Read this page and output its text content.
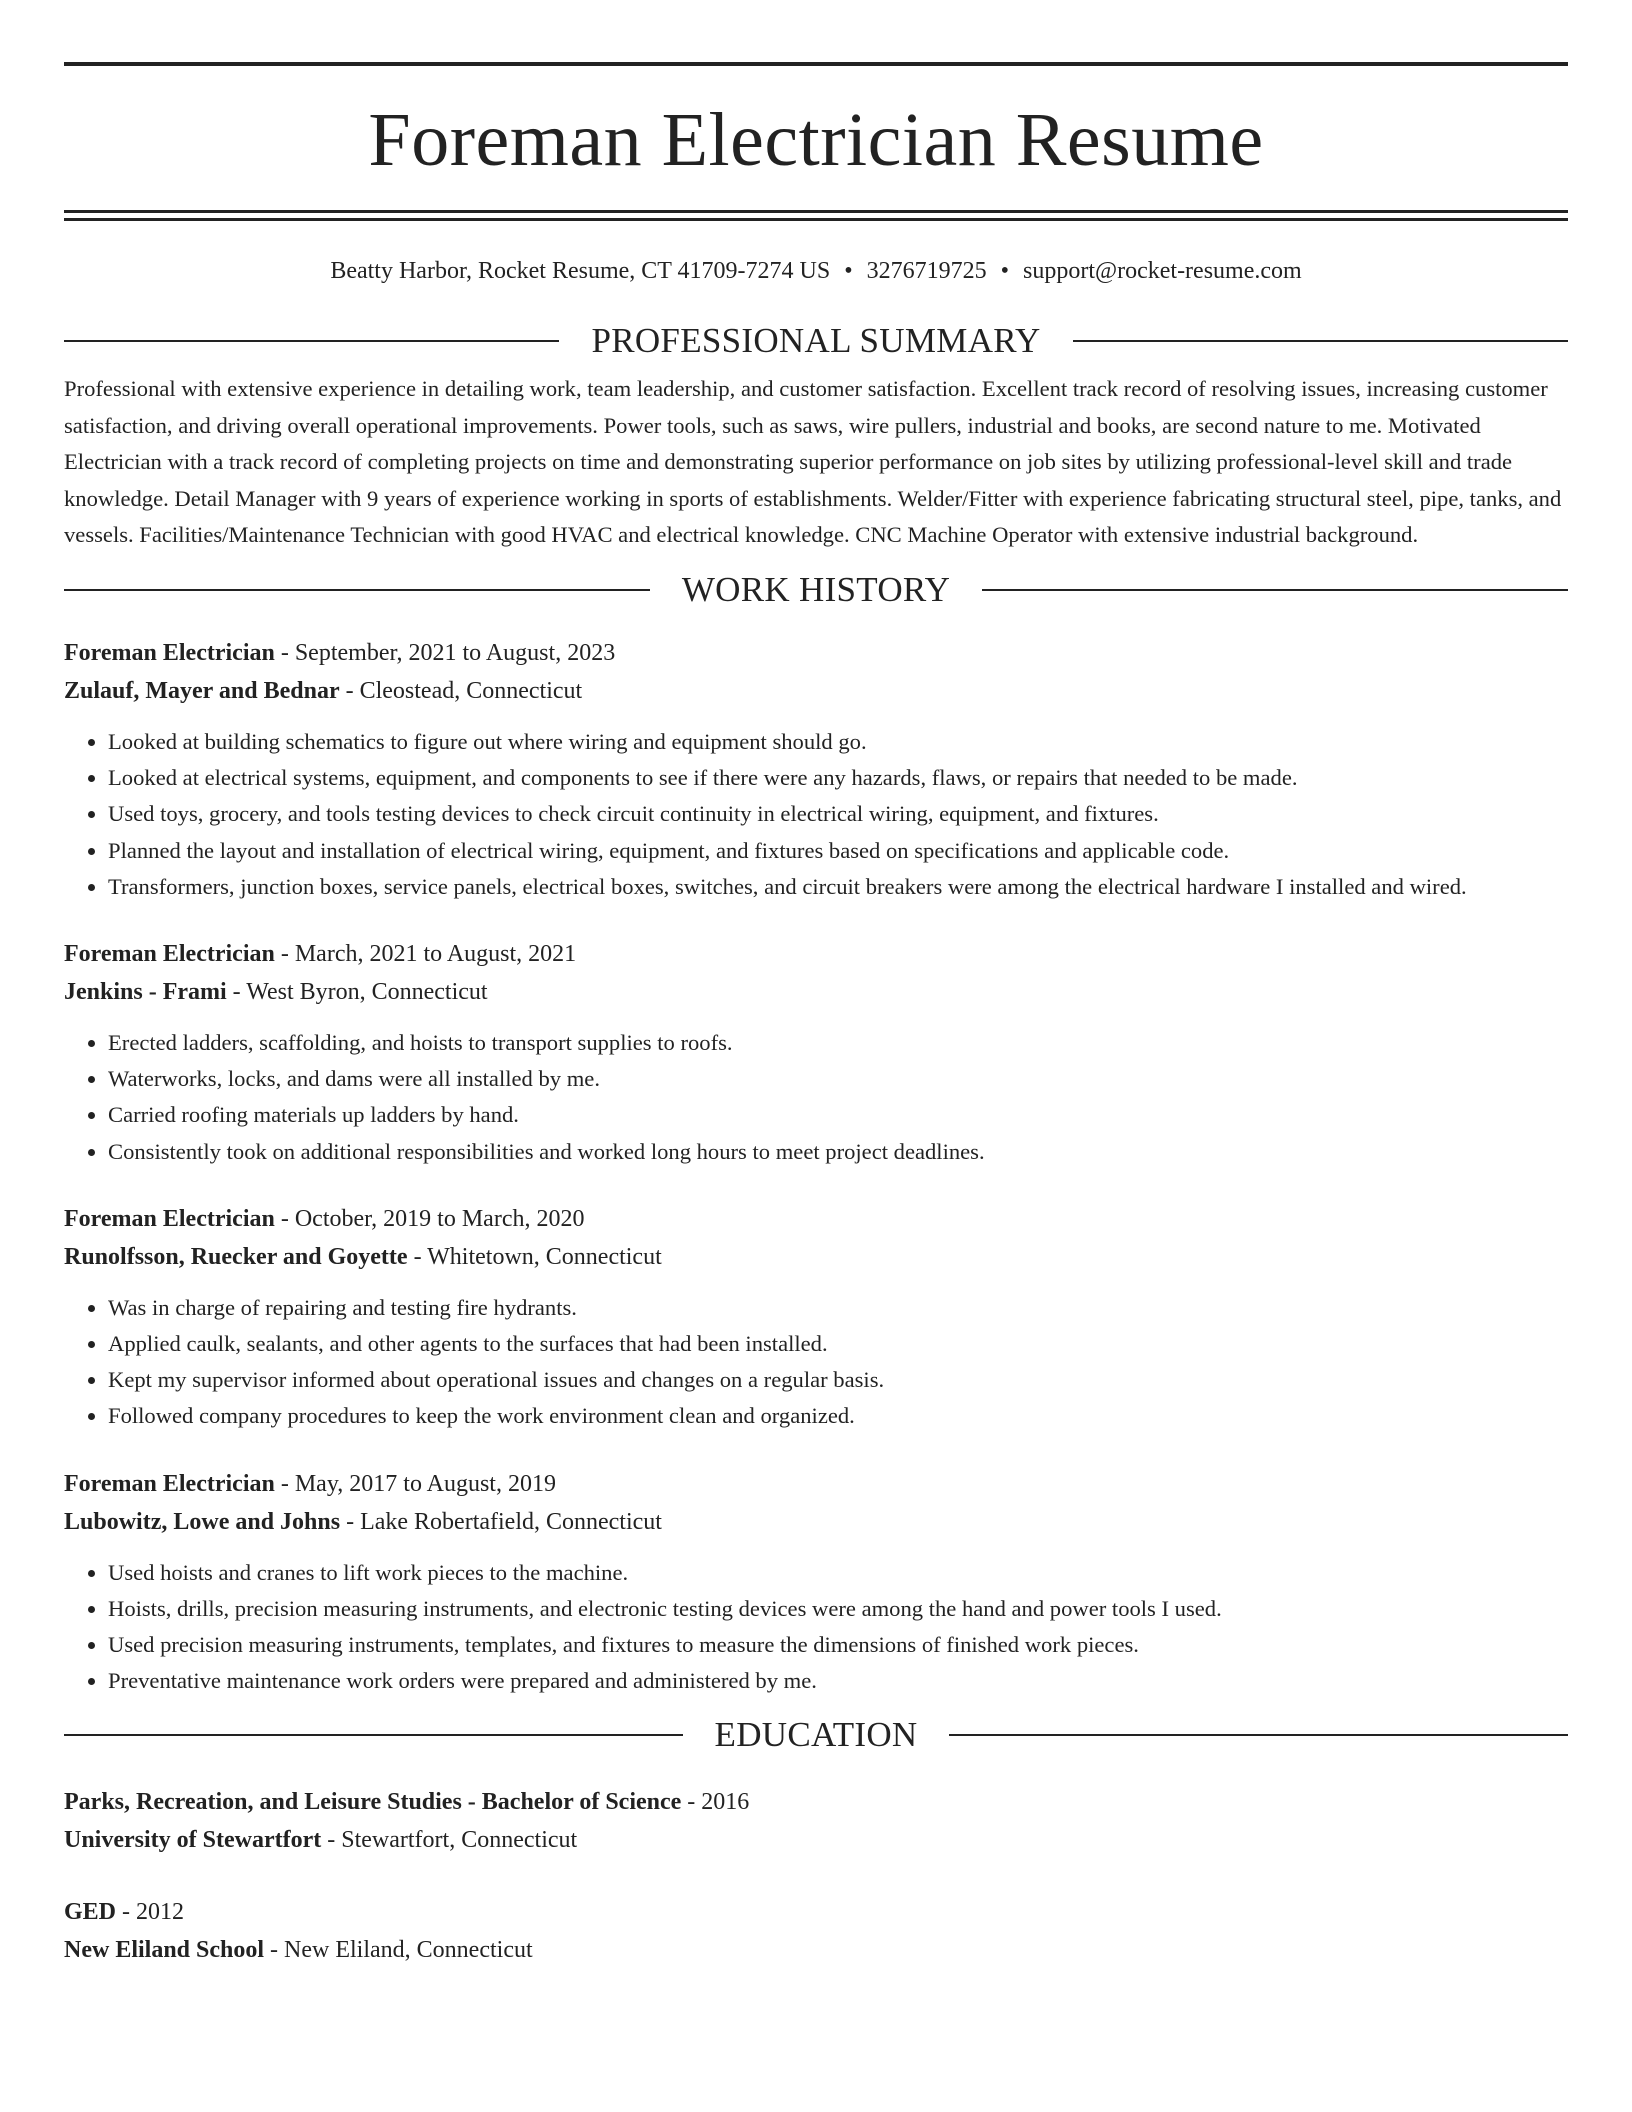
Foreman Electrician Resume
Beatty Harbor, Rocket Resume, CT 41709-7274 US • 3276719725 • support@rocket-resume.com
PROFESSIONAL SUMMARY

Professional with extensive experience in detailing work, team leadership, and customer satisfaction. Excellent track record of resolving issues, increasing customer satisfaction, and driving overall operational improvements. Power tools, such as saws, wire pullers, industrial and books, are second nature to me. Motivated Electrician with a track record of completing projects on time and demonstrating superior performance on job sites by utilizing professional-level skill and trade knowledge. Detail Manager with 9 years of experience working in sports of establishments. Welder/Fitter with experience fabricating structural steel, pipe, tanks, and vessels. Facilities/Maintenance Technician with good HVAC and electrical knowledge. CNC Machine Operator with extensive industrial background.

WORK HISTORY
Foreman Electrician - September, 2021 to August, 2023
Zulauf, Mayer and Bednar - Cleostead, Connecticut
• Looked at building schematics to figure out where wiring and equipment should go.
• Looked at electrical systems, equipment, and components to see if there were any hazards, flaws, or repairs that needed to be made.
• Used toys, grocery, and tools testing devices to check circuit continuity in electrical wiring, equipment, and fixtures.
• Planned the layout and installation of electrical wiring, equipment, and fixtures based on specifications and applicable code.
• Transformers, junction boxes, service panels, electrical boxes, switches, and circuit breakers were among the electrical hardware I installed and wired.
Foreman Electrician - March, 2021 to August, 2021
Jenkins - Frami - West Byron, Connecticut
• Erected ladders, scaffolding, and hoists to transport supplies to roofs.
• Waterworks, locks, and dams were all installed by me.
• Carried roofing materials up ladders by hand.
• Consistently took on additional responsibilities and worked long hours to meet project deadlines.
Foreman Electrician - October, 2019 to March, 2020
Runolfsson, Ruecker and Goyette - Whitetown, Connecticut
• Was in charge of repairing and testing fire hydrants.
• Applied caulk, sealants, and other agents to the surfaces that had been installed.
• Kept my supervisor informed about operational issues and changes on a regular basis.
• Followed company procedures to keep the work environment clean and organized.
Foreman Electrician - May, 2017 to August, 2019
Lubowitz, Lowe and Johns - Lake Robertafield, Connecticut
• Used hoists and cranes to lift work pieces to the machine.
• Hoists, drills, precision measuring instruments, and electronic testing devices were among the hand and power tools I used.
• Used precision measuring instruments, templates, and fixtures to measure the dimensions of finished work pieces.
• Preventative maintenance work orders were prepared and administered by me.
EDUCATION
Parks, Recreation, and Leisure Studies - Bachelor of Science - 2016
University of Stewartfort - Stewartfort, Connecticut
GED - 2012
New Eliland School - New Eliland, Connecticut
